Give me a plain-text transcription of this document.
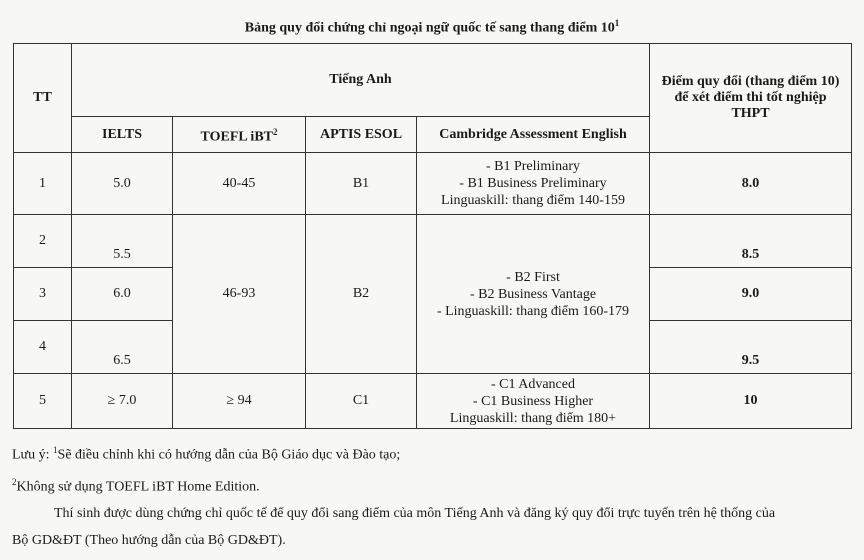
Bảng quy đổi chứng chỉ ngoại ngữ quốc tế sang thang điểm $10^1$
TT	Tiếng Anh				Điểm quy đổi (thang điểm 10)
để xét điểm thi tốt nghiệp
THPT

	IELTS	TOEFL iBT$^2$	APTIS ESOL	Cambridge Assessment English	
1	5.0	40-45	B1	- B1 Preliminary
- B1 Business Preliminary
Linguaskill: thang điểm 140-159	8.0
2	5.5	46-93	B2	- B2 First
- B2 Business Vantage
- Linguaskill: thang điểm 160-179	8.5
3	6.0				9.0
4	6.5				9.5
5	≥ 7.0	≥ 94	C1	- C1 Advanced
- C1 Business Higher
Linguaskill: thang điểm 180+	10

Lưu ý: $^1$Sẽ điều chỉnh khi có hướng dẫn của Bộ Giáo dục và Đào tạo;

$^2$Không sử dụng TOEFL iBT Home Edition.

Thí sinh được dùng chứng chỉ quốc tế để quy đổi sang điểm của môn Tiếng Anh và đăng ký quy đổi trực tuyến trên hệ thống của

Bộ GD&ĐT (Theo hướng dẫn của Bộ GD&ĐT).
